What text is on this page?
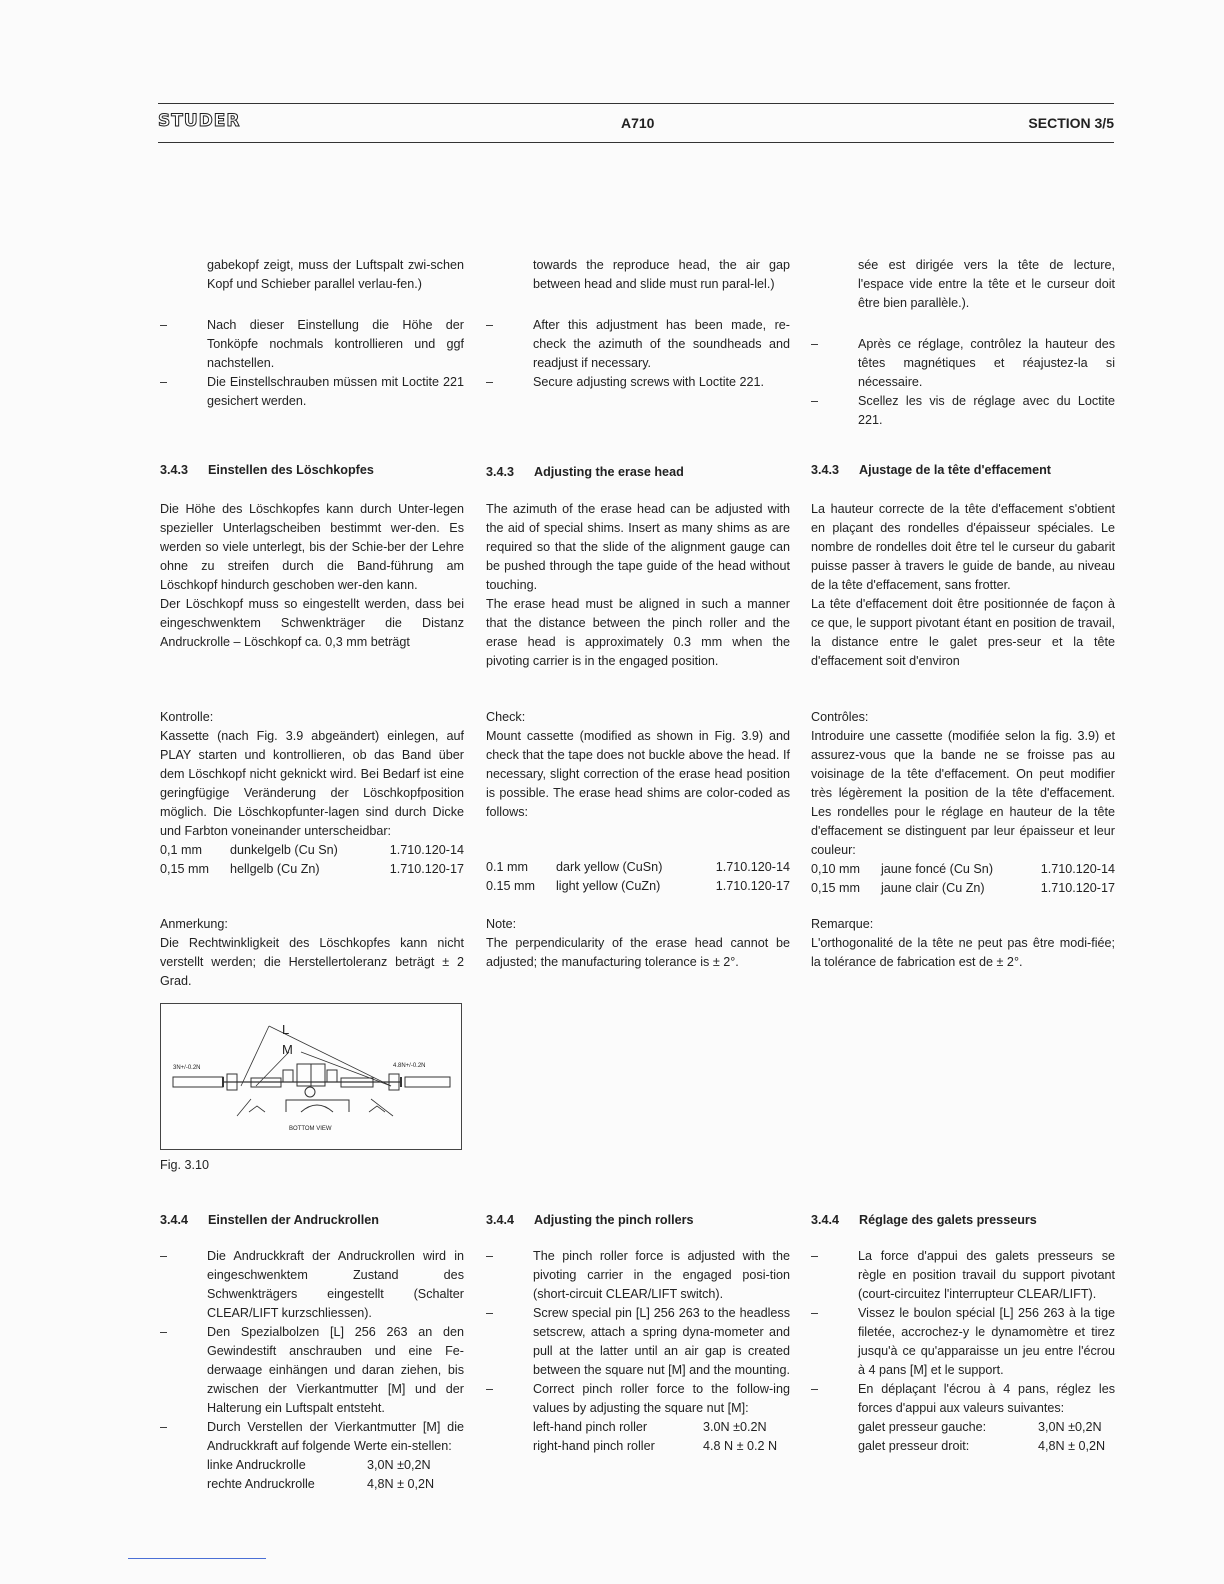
STUDER	A710	SECTION 3/5
gabekopf zeigt, muss der Luftspalt zwi-schen Kopf und Schieber parallel verlau-fen.)
– Nach dieser Einstellung die Höhe der Tonköpfe nochmals kontrollieren und ggf nachstellen.
– Die Einstellschrauben müssen mit Loctite 221 gesichert werden.
3.4.3 Einstellen des Löschkopfes
Die Höhe des Löschkopfes kann durch Unter-legen spezieller Unterlagscheiben bestimmt wer-den. Es werden so viele unterlegt, bis der Schie-ber der Lehre ohne zu streifen durch die Band-führung am Löschkopf hindurch geschoben wer-den kann.
Der Löschkopf muss so eingestellt werden, dass bei eingeschwenktem Schwenkträger die Distanz Andruckrolle – Löschkopf ca. 0,3 mm beträgt
Kontrolle:
Kassette (nach Fig. 3.9 abgeändert) einlegen, auf PLAY starten und kontrollieren, ob das Band über dem Löschkopf nicht geknickt wird. Bei Bedarf ist eine geringfügige Veränderung der Löschkopfposition möglich. Die Löschkopfunter-lagen sind durch Dicke und Farbton voneinander unterscheidbar:
0,1 mm	dunkelgelb (Cu Sn)	1.710.120-14
0,15 mm	hellgelb (Cu Zn)	1.710.120-17
Anmerkung:
Die Rechtwinkligkeit des Löschkopfes kann nicht verstellt werden; die Herstellertoleranz beträgt ± 2 Grad.
L
M
3N+/-0.2N	4.8N+/-0.2N
BOTTOM VIEW
Fig. 3.10
3.4.4 Einstellen der Andruckrollen
– Die Andruckkraft der Andruckrollen wird in eingeschwenktem Zustand des Schwenkträgers eingestellt (Schalter CLEAR/LIFT kurzschliessen).
– Den Spezialbolzen [L] 256 263 an den Gewindestift anschrauben und eine Fe-derwaage einhängen und daran ziehen, bis zwischen der Vierkantmutter [M] und der Halterung ein Luftspalt entsteht.
– Durch Verstellen der Vierkantmutter [M] die Andruckkraft auf folgende Werte ein-stellen:
linke Andruckrolle	3,0N ±0,2N
rechte Andruckrolle	4,8N ± 0,2N
towards the reproduce head, the air gap between head and slide must run paral-lel.)
– After this adjustment has been made, re-check the azimuth of the soundheads and readjust if necessary.
– Secure adjusting screws with Loctite 221.
3.4.3 Adjusting the erase head
The azimuth of the erase head can be adjusted with the aid of special shims. Insert as many shims as are required so that the slide of the alignment gauge can be pushed through the tape guide of the head without touching.
The erase head must be aligned in such a manner that the distance between the pinch roller and the erase head is approximately 0.3 mm when the pivoting carrier is in the engaged position.
Check:
Mount cassette (modified as shown in Fig. 3.9) and check that the tape does not buckle above the head. If necessary, slight correction of the erase head position is possible. The erase head shims are color-coded as follows:
0.1 mm	dark yellow (CuSn)	1.710.120-14
0.15 mm	light yellow (CuZn)	1.710.120-17
Note:
The perpendicularity of the erase head cannot be adjusted; the manufacturing tolerance is ± 2°.
3.4.4 Adjusting the pinch rollers
– The pinch roller force is adjusted with the pivoting carrier in the engaged posi-tion (short-circuit CLEAR/LIFT switch).
– Screw special pin [L] 256 263 to the headless setscrew, attach a spring dyna-mometer and pull at the latter until an air gap is created between the square nut [M] and the mounting.
– Correct pinch roller force to the follow-ing values by adjusting the square nut [M]:
left-hand pinch roller	3.0N ±0.2N
right-hand pinch roller	4.8 N ± 0.2 N
sée est dirigée vers la tête de lecture, l'espace vide entre la tête et le curseur doit être bien parallèle.).
– Après ce réglage, contrôlez la hauteur des têtes magnétiques et réajustez-la si nécessaire.
– Scellez les vis de réglage avec du Loctite 221.
3.4.3 Ajustage de la tête d'effacement
La hauteur correcte de la tête d'effacement s'obtient en plaçant des rondelles d'épaisseur spéciales. Le nombre de rondelles doit être tel le curseur du gabarit puisse passer à travers le guide de bande, au niveau de la tête d'effacement, sans frotter.
La tête d'effacement doit être positionnée de façon à ce que, le support pivotant étant en position de travail, la distance entre le galet pres-seur et la tête d'effacement soit d'environ
Contrôles:
Introduire une cassette (modifiée selon la fig. 3.9) et assurez-vous que la bande ne se froisse pas au voisinage de la tête d'effacement. On peut modifier très légèrement la position de la tête d'effacement. Les rondelles pour le réglage en hauteur de la tête d'effacement se distinguent par leur épaisseur et leur couleur:
0,10 mm	jaune foncé (Cu Sn)	1.710.120-14
0,15 mm	jaune clair (Cu Zn)	1.710.120-17
Remarque:
L'orthogonalité de la tête ne peut pas être modi-fiée; la tolérance de fabrication est de ± 2°.
3.4.4 Réglage des galets presseurs
– La force d'appui des galets presseurs se règle en position travail du support pivotant (court-circuitez l'interrupteur CLEAR/LIFT).
– Vissez le boulon spécial [L] 256 263 à la tige filetée, accrochez-y le dynamomètre et tirez jusqu'à ce qu'apparaisse un jeu entre l'écrou à 4 pans [M] et le support.
– En déplaçant l'écrou à 4 pans, réglez les forces d'appui aux valeurs suivantes:
galet presseur gauche:	3,0N ±0,2N
galet presseur droit:	4,8N ± 0,2N
